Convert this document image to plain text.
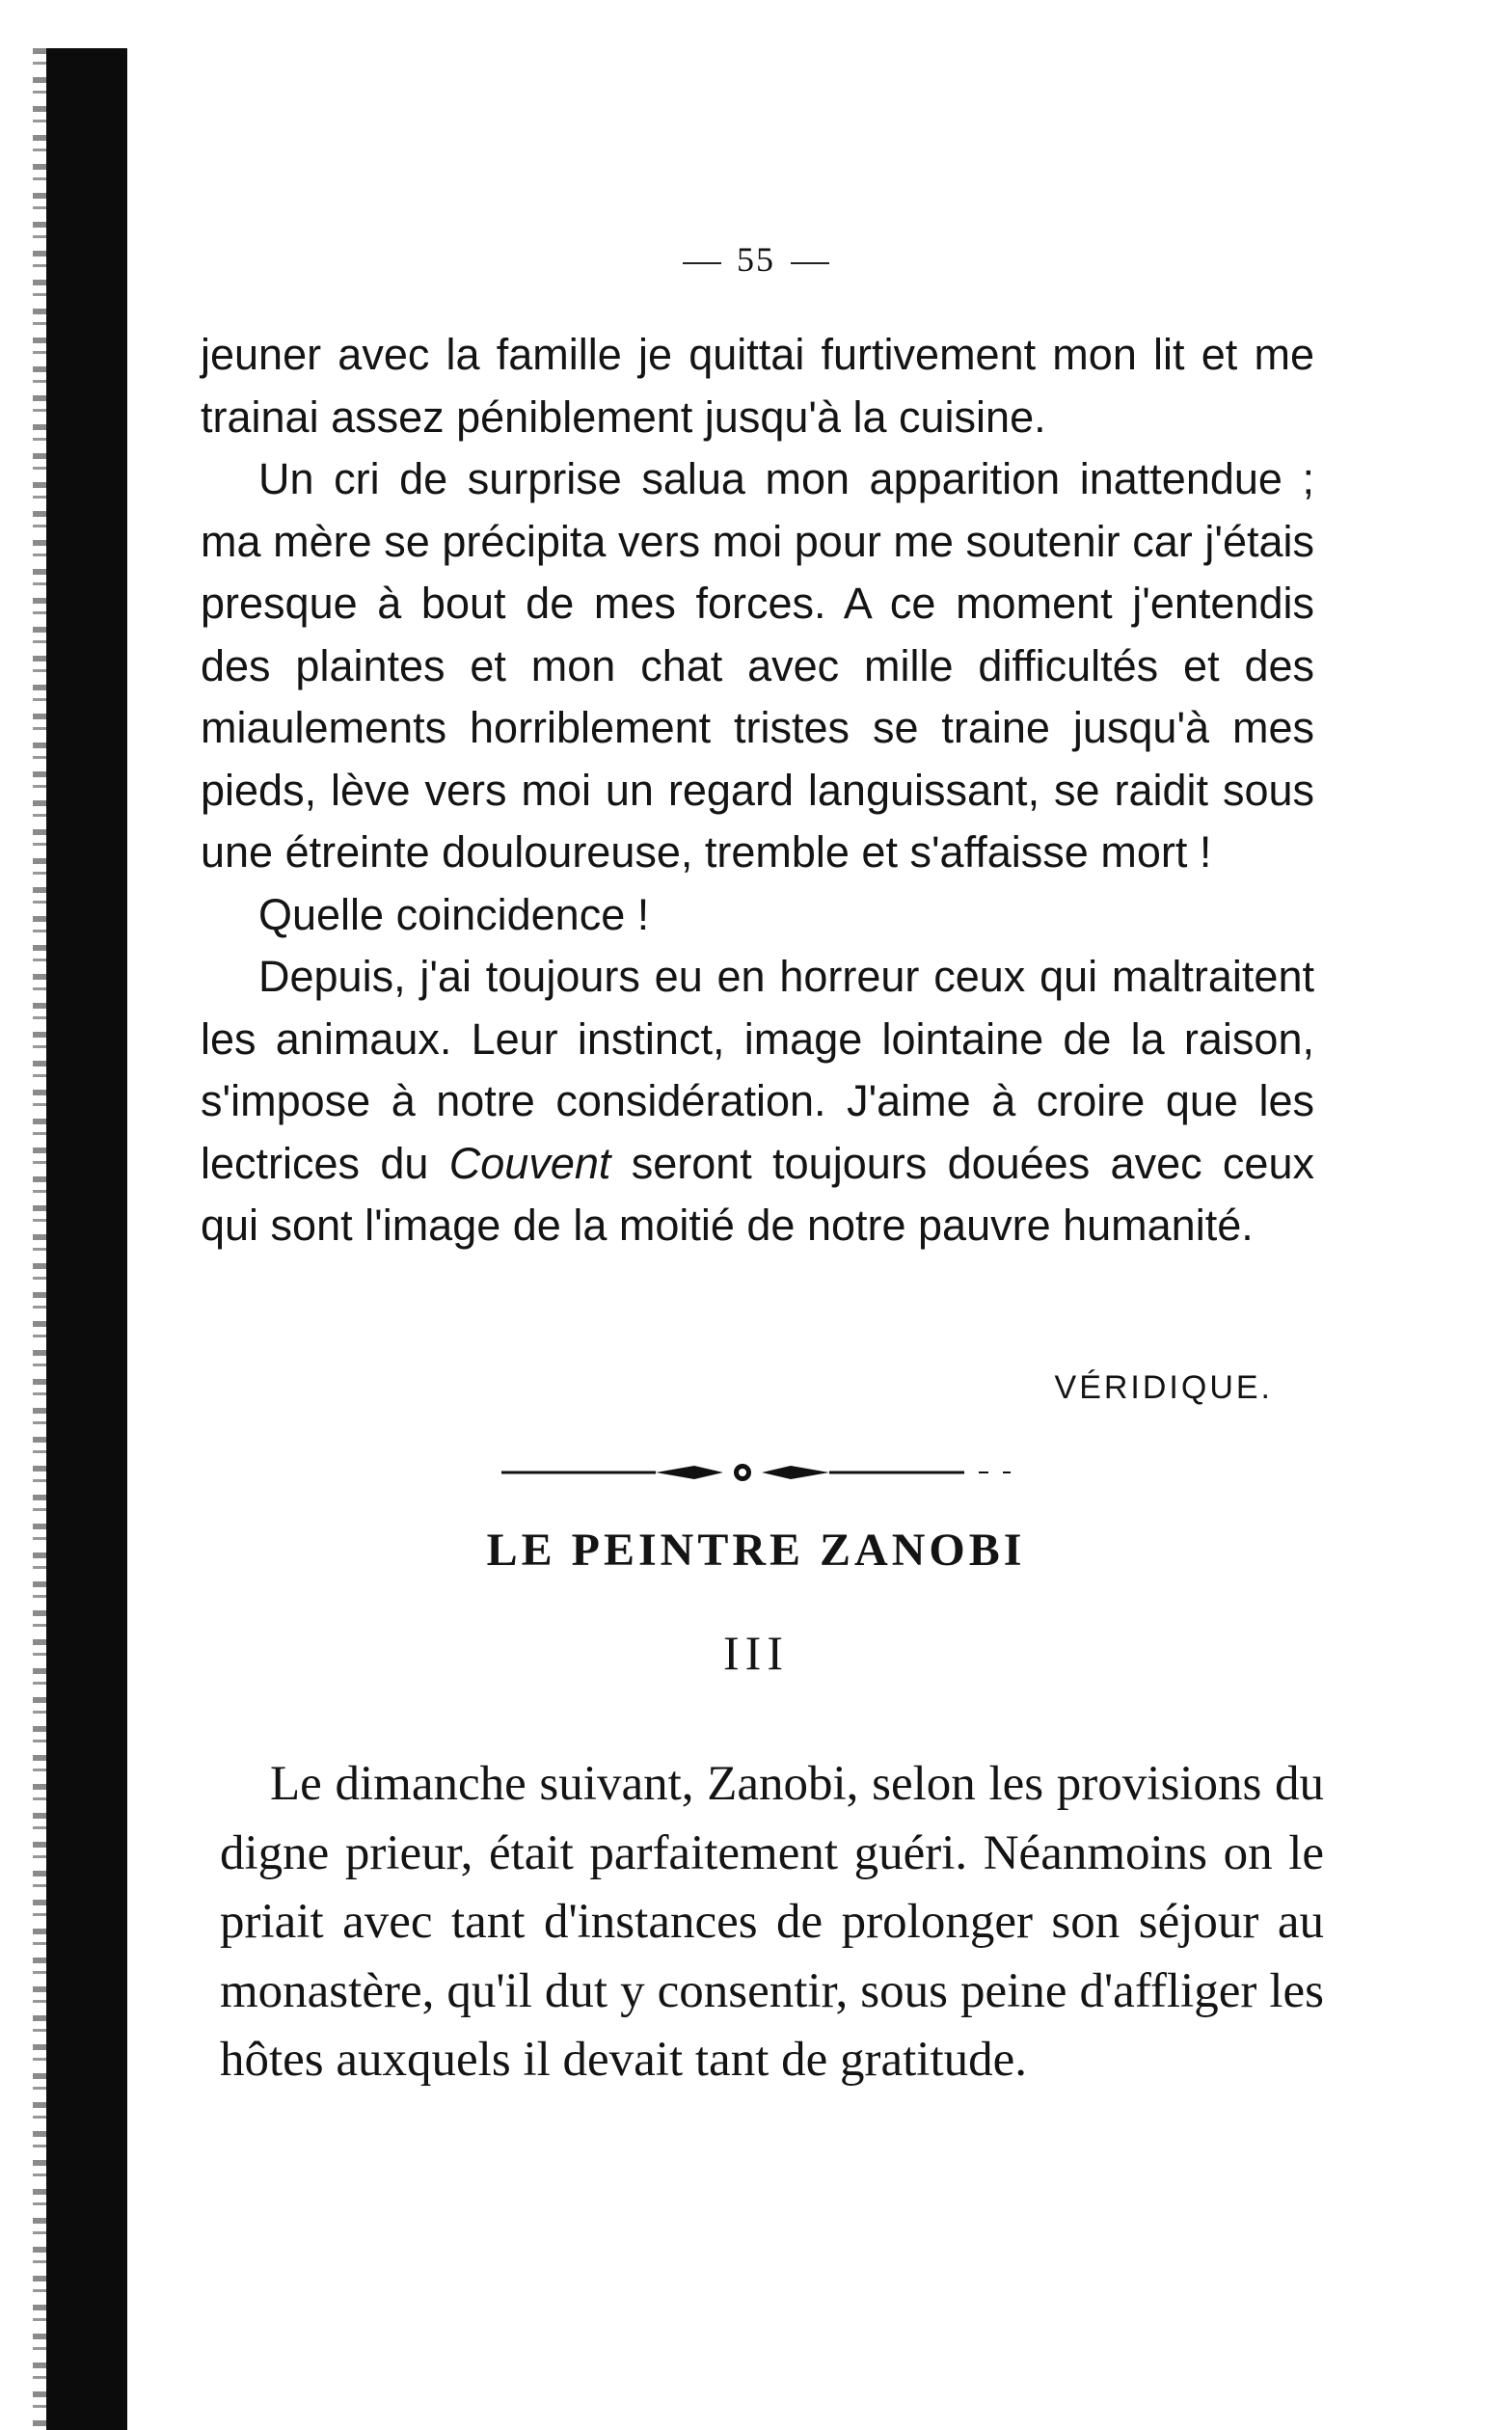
55

jeuner avec la famille je quittai furtivement mon lit et me trainai assez péniblement jusqu'à la cuisine.

Un cri de surprise salua mon apparition inattendue ; ma mère se précipita vers moi pour me soutenir car j'étais presque à bout de mes forces. A ce moment j'entendis des plaintes et mon chat avec mille difficultés et des miaulements horriblement tristes se traine jusqu'à mes pieds, lève vers moi un regard languissant, se raidit sous une étreinte douloureuse, tremble et s'affaisse mort !

Quelle coincidence !

Depuis, j'ai toujours eu en horreur ceux qui maltraitent les animaux. Leur instinct, image lointaine de la raison, s'impose à notre considération. J'aime à croire que les lectrices du Couvent seront toujours douées avec ceux qui sont l'image de la moitié de notre pauvre humanité.

VÉRIDIQUE.
LE PEINTRE ZANOBI
III

Le dimanche suivant, Zanobi, selon les provisions du digne prieur, était parfaitement guéri. Néanmoins on le priait avec tant d'instances de prolonger son séjour au monastère, qu'il dut y consentir, sous peine d'affliger les hôtes auxquels il devait tant de gratitude.
